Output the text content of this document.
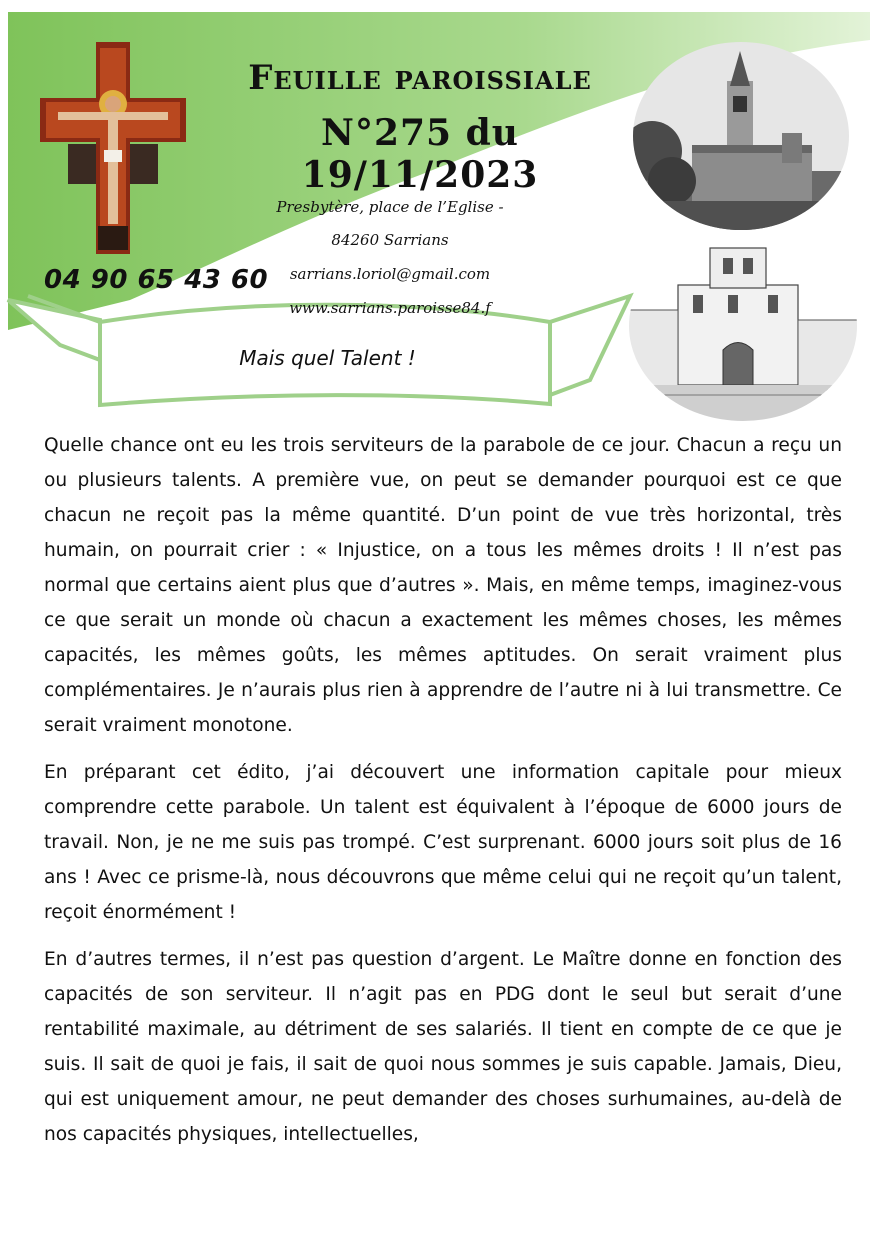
Feuille paroissiale
N°275 du 19/11/2023
Presbytère, place de l’Eglise -
84260 Sarrians
sarrians.loriol@gmail.com
www.sarrians.paroisse84.f
04 90 65 43 60
Mais quel Talent !

Quelle chance ont eu les trois serviteurs de la parabole de ce jour. Chacun a reçu un ou plusieurs talents. A première vue, on peut se demander pourquoi est ce que chacun ne reçoit pas la même quantité. D’un point de vue très horizontal, très humain, on pourrait crier : « Injustice, on a tous les mêmes droits ! Il n’est pas normal que certains aient plus que d’autres ». Mais, en même temps, imaginez-vous ce que serait un monde où chacun a exactement les mêmes choses, les mêmes capacités, les mêmes goûts, les mêmes aptitudes. On serait vraiment plus complémentaires. Je n’aurais plus rien à apprendre de l’autre ni à lui transmettre. Ce serait vraiment monotone.

En préparant cet édito, j’ai découvert une information capitale pour mieux comprendre cette parabole. Un talent est équivalent à l’époque de 6000 jours de travail. Non, je ne me suis pas trompé. C’est surprenant. 6000 jours soit plus de 16 ans ! Avec ce prisme-là, nous découvrons que même celui qui ne reçoit qu’un talent, reçoit énormément !

En d’autres termes, il n’est pas question d’argent. Le Maître donne en fonction des capacités de son serviteur. Il n’agit pas en PDG dont le seul but serait d’une rentabilité maximale, au détriment de ses salariés. Il tient en compte de ce que je suis. Il sait de quoi je fais, il sait de quoi nous sommes je suis capable. Jamais, Dieu, qui est uniquement amour, ne peut demander des choses surhumaines, au-delà de nos capacités physiques, intellectuelles,
